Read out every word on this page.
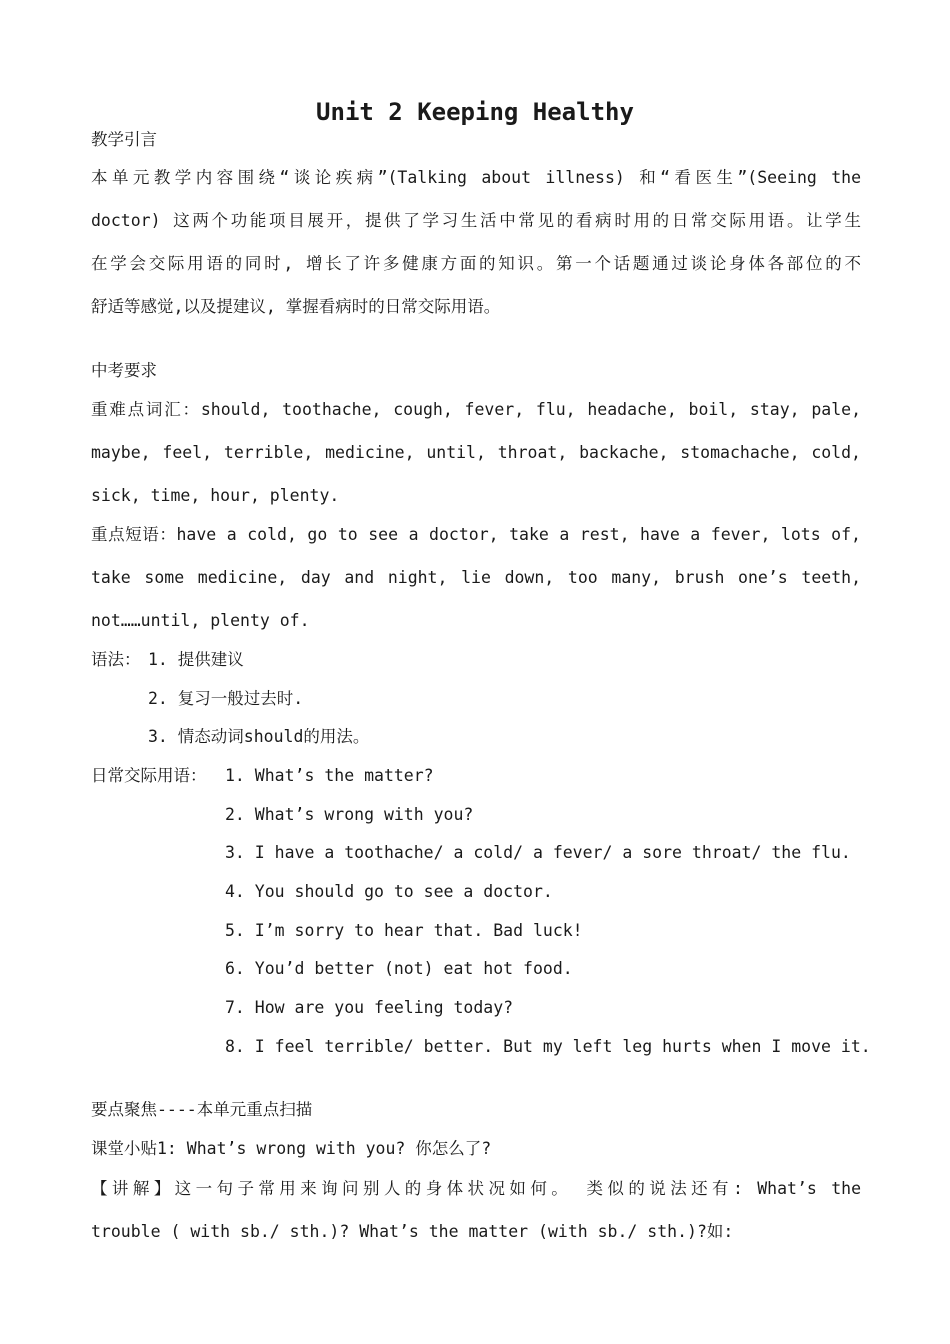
Unit 2 Keeping Healthy
教学引言
本单元教学内容围绕“谈论疾病”(Talking about illness) 和“看医生”(Seeing the
doctor) 这两个功能项目展开，提供了学习生活中常见的看病时用的日常交际用语。让学生
在学会交际用语的同时, 增长了许多健康方面的知识。第一个话题通过谈论身体各部位的不
舒适等感觉,以及提建议, 掌握看病时的日常交际用语。
中考要求
重难点词汇：should, toothache, cough, fever, flu, headache, boil, stay, pale,
maybe, feel, terrible, medicine, until, throat, backache, stomachache, cold,
sick, time, hour, plenty.
重点短语：have a cold, go to see a doctor, take a rest, have a fever, lots of,
take some medicine, day and night, lie down, too many, brush one’s teeth,
not……until, plenty of.
语法： 1. 提供建议
2. 复习一般过去时.
3. 情态动词should的用法。
日常交际用语：	1. What’s the matter?
2. What’s wrong with you?
3. I have a toothache/ a cold/ a fever/ a sore throat/ the flu.
4. You should go to see a doctor.
5. I’m sorry to hear that. Bad luck!
6. You’d better (not) eat hot food.
7. How are you feeling today?
8. I feel terrible/ better. But my left leg hurts when I move it.
要点聚焦----本单元重点扫描
课堂小贴1: What’s wrong with you? 你怎么了?
【讲解】这一句子常用来询问别人的身体状况如何。 类似的说法还有: What’s the
trouble ( with sb./ sth.)? What’s the matter (with sb./ sth.)?如:
